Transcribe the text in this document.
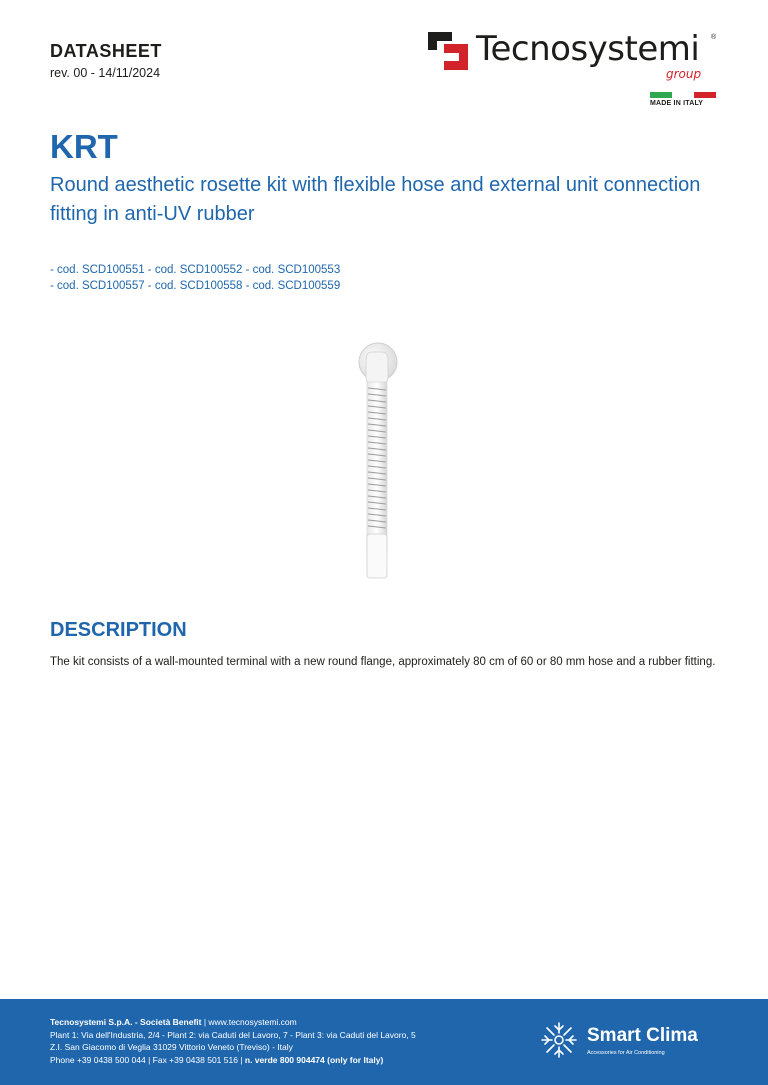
DATASHEET
rev. 00 - 14/11/2024
Tecnosystemi ®
group
MADE IN ITALY
KRT
Round aesthetic rosette kit with flexible hose and external unit connection fitting in anti-UV rubber
- cod. SCD100551 - cod. SCD100552 - cod. SCD100553
- cod. SCD100557 - cod. SCD100558 - cod. SCD100559
DESCRIPTION
The kit consists of a wall-mounted terminal with a new round flange, approximately 80 cm of 60 or 80 mm hose and a rubber fitting.
Tecnosystemi S.p.A. - Società Benefit | www.tecnosystemi.com
Plant 1: Via dell'Industria, 2/4 - Plant 2: via Caduti del Lavoro, 7 - Plant 3: via Caduti del Lavoro, 5
Z.I. San Giacomo di Veglia 31029 Vittorio Veneto (Treviso) - Italy
Phone +39 0438 500 044 | Fax +39 0438 501 516 | n. verde 800 904474 (only for Italy)
Smart Clima
Accessories for Air Conditioning
